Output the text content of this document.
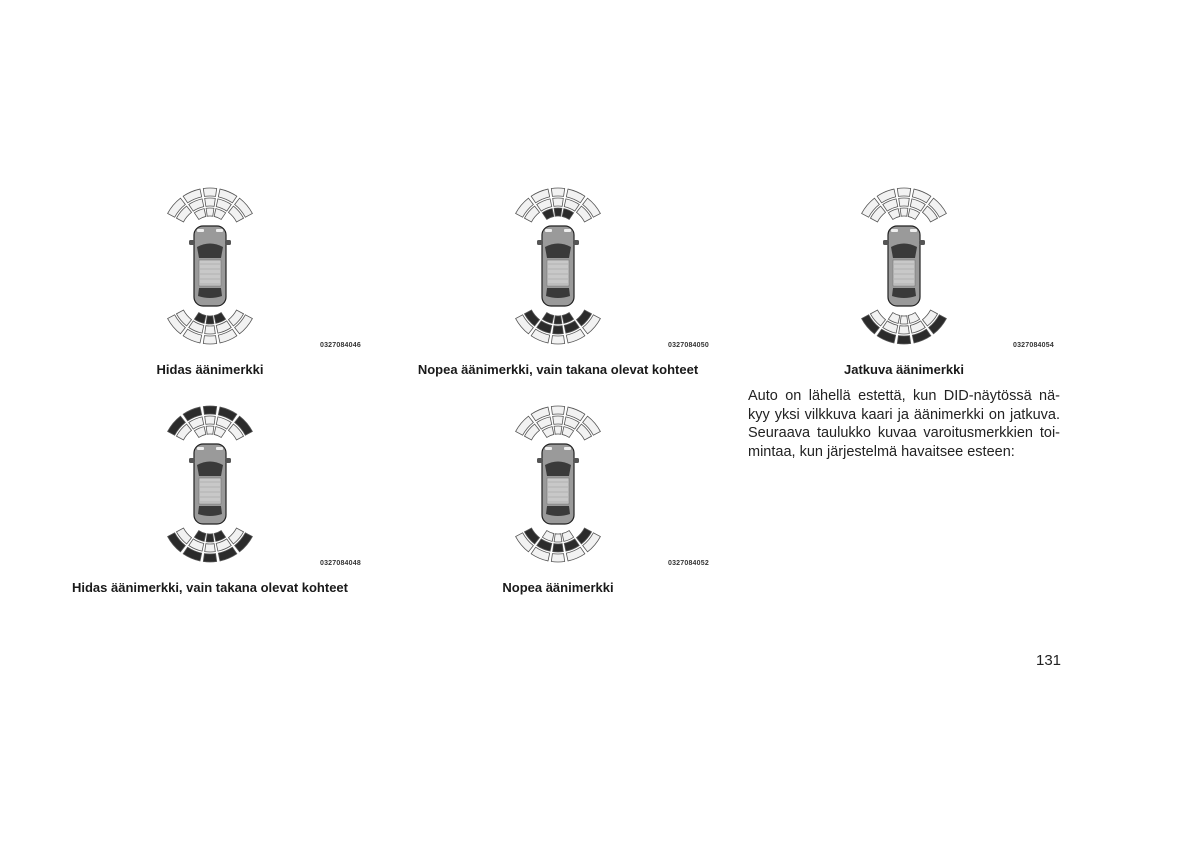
0327084046
Hidas äänimerkki
0327084050
Nopea äänimerkki, vain takana olevat kohteet
0327084054
Jatkuva äänimerkki
0327084048
Hidas äänimerkki, vain takana olevat kohteet
0327084052
Nopea äänimerkki
Auto on lähellä estettä, kun DID-näytössä nä-
kyy yksi vilkkuva kaari ja äänimerkki on jatkuva.
Seuraava taulukko kuvaa varoitusmerkkien toi-
mintaa, kun järjestelmä havaitsee esteen:
131
